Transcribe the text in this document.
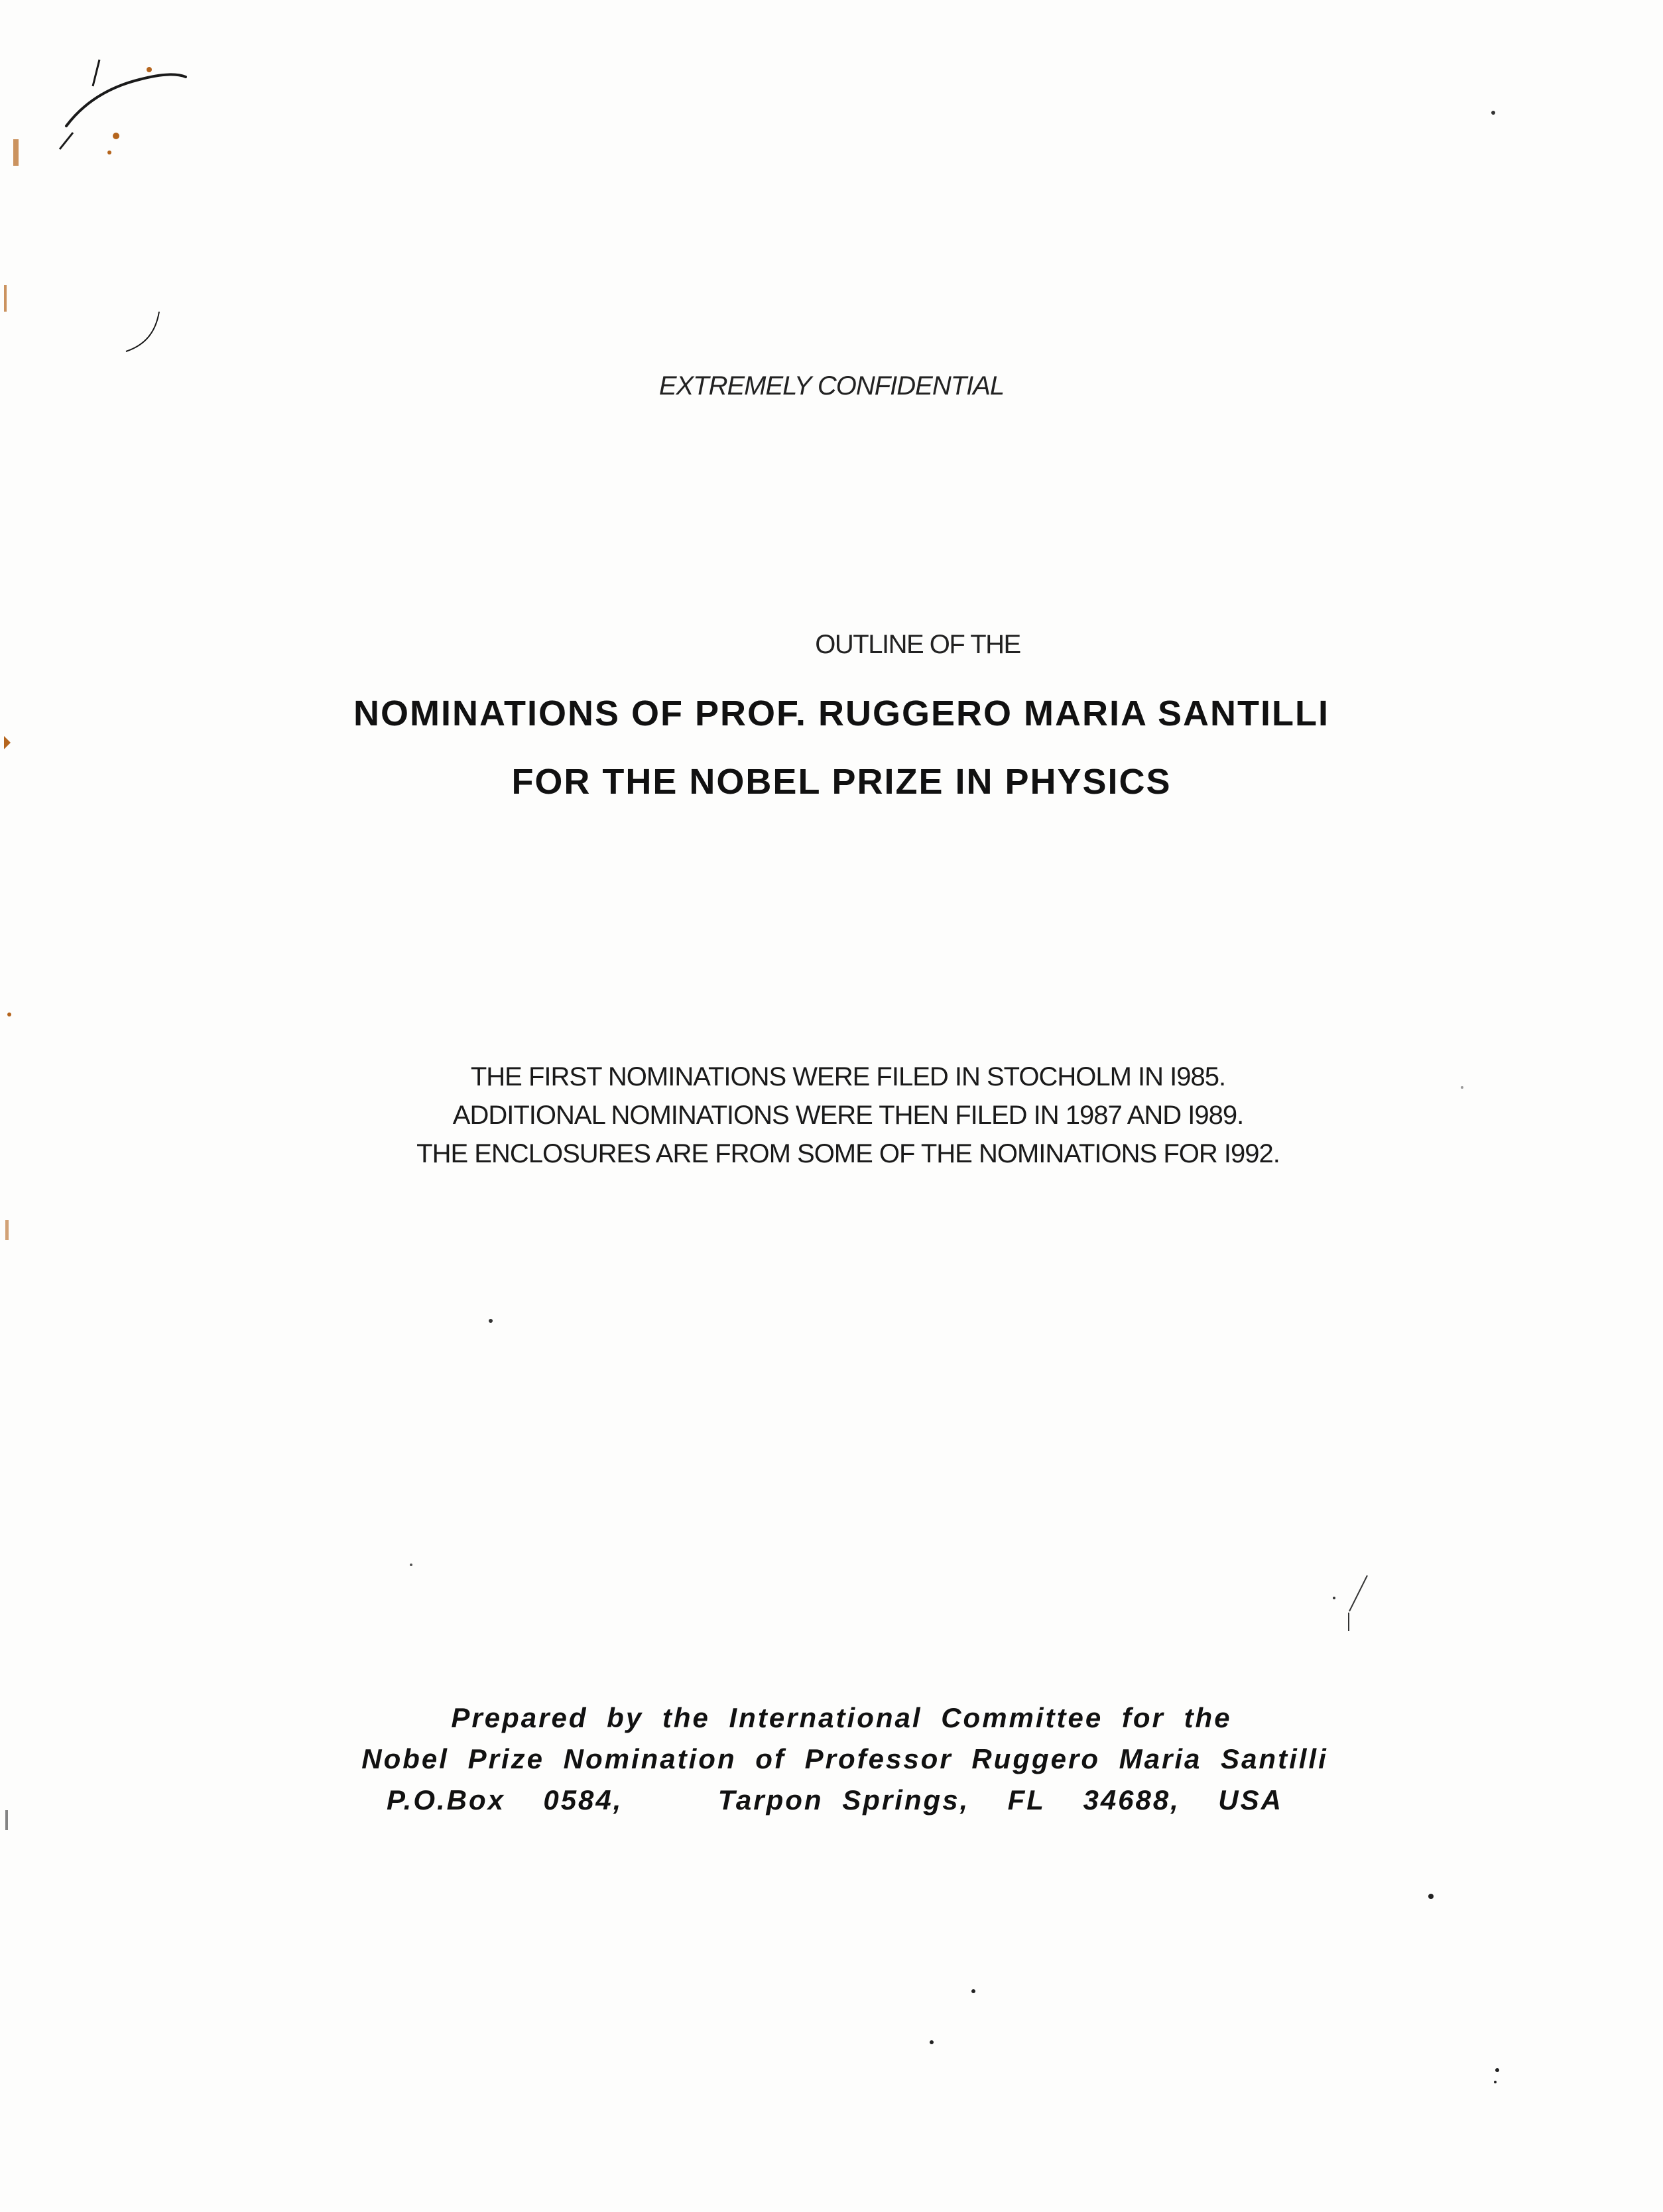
EXTREMELY CONFIDENTIAL
OUTLINE OF THE
NOMINATIONS OF PROF. RUGGERO MARIA SANTILLI
FOR THE NOBEL PRIZE IN PHYSICS
THE FIRST NOMINATIONS WERE FILED IN STOCHOLM IN I985.
ADDITIONAL NOMINATIONS WERE THEN FILED IN 1987 AND I989.
THE ENCLOSURES ARE FROM SOME OF THE NOMINATIONS FOR I992.
Prepared by the International Committee for the
Nobel Prize Nomination of Professor Ruggero Maria Santilli
P.O.Box  0584,     Tarpon Springs,  FL  34688,  USA
